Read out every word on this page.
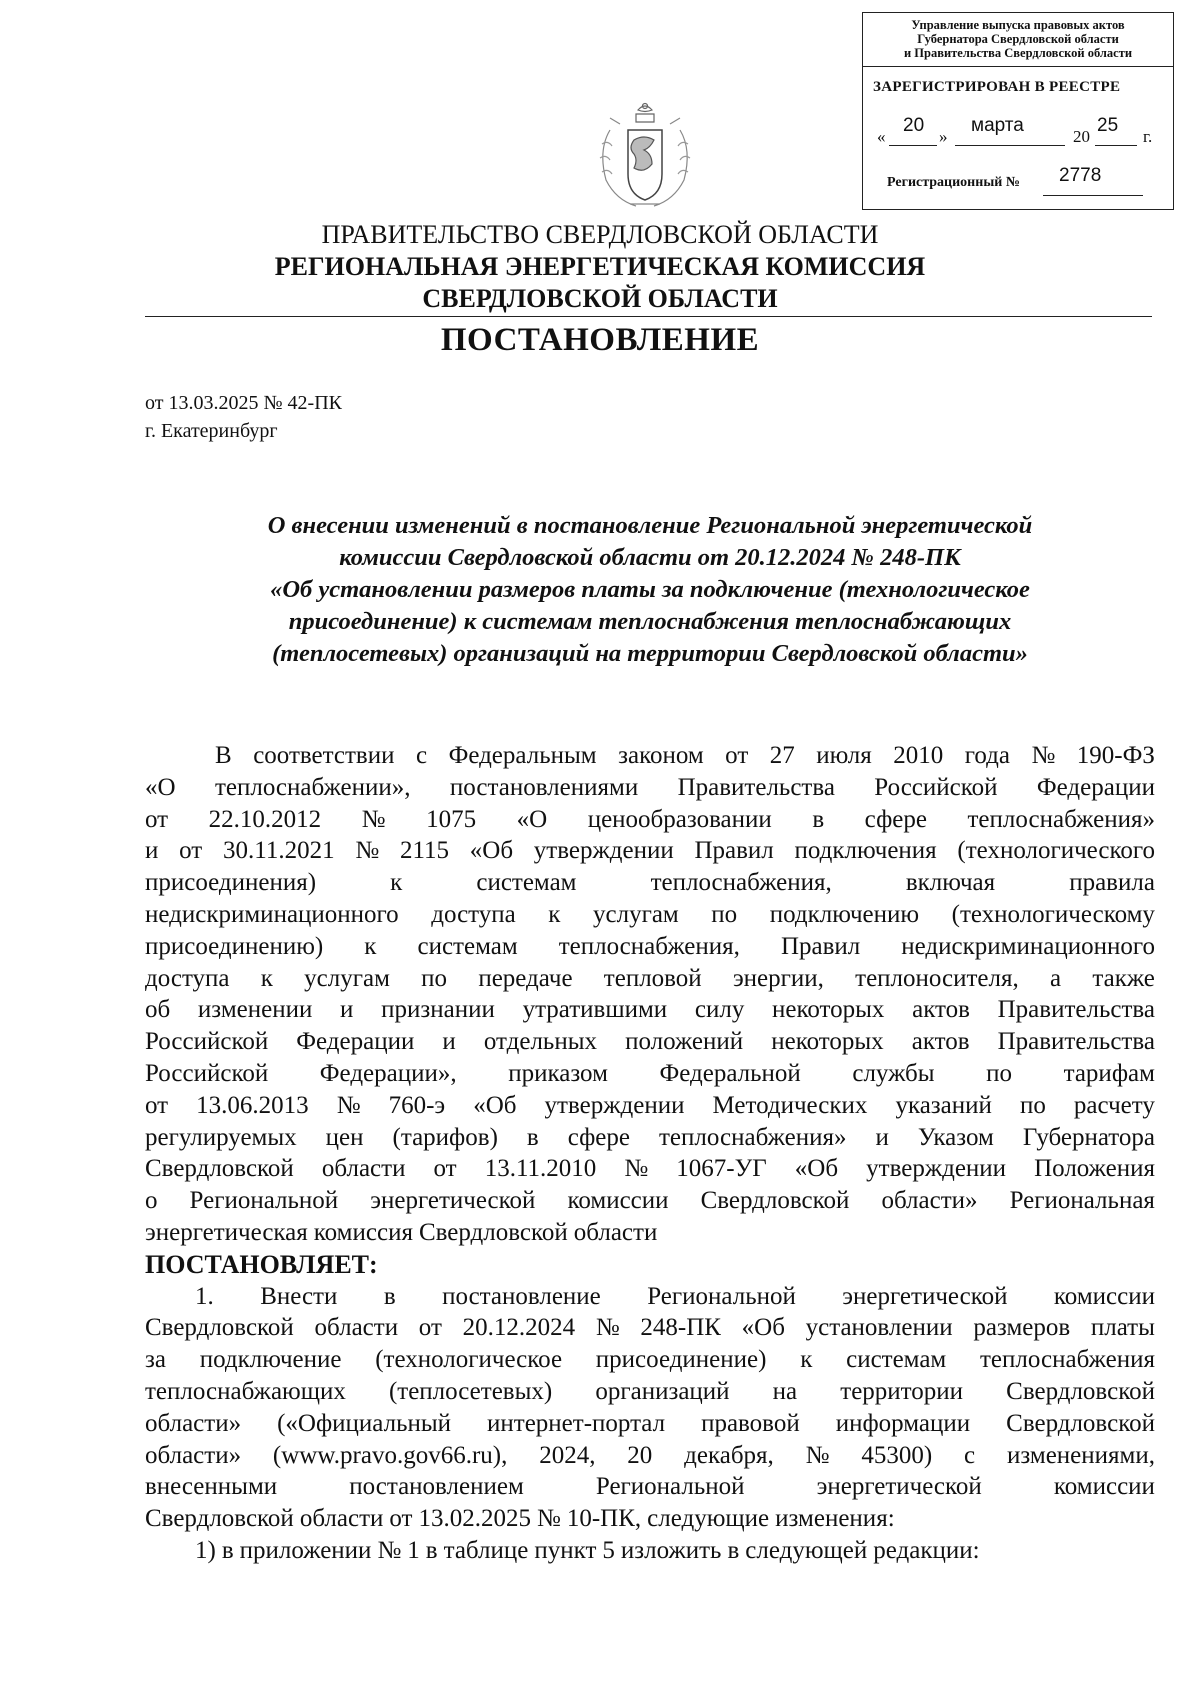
Управление выпуска правовых актов
Губернатора Свердловской области
и Правительства Свердловской области
ЗАРЕГИСТРИРОВАН В РЕЕСТРЕ
«
20
»
марта
20
25
г.
Регистрационный № 2778
ПРАВИТЕЛЬСТВО СВЕРДЛОВСКОЙ ОБЛАСТИ
РЕГИОНАЛЬНАЯ ЭНЕРГЕТИЧЕСКАЯ КОМИССИЯ
СВЕРДЛОВСКОЙ ОБЛАСТИ
ПОСТАНОВЛЕНИЕ
от 13.03.2025 № 42-ПК
г. Екатеринбург
О внесении изменений в постановление Региональной энергетической
комиссии Свердловской области от 20.12.2024 № 248-ПК
«Об установлении размеров платы за подключение (технологическое
присоединение) к системам теплоснабжения теплоснабжающих
(теплосетевых) организаций на территории Свердловской области»
В соответствии с Федеральным законом от 27 июля 2010 года № 190-ФЗ
«О теплоснабжении», постановлениями Правительства Российской Федерации
от 22.10.2012 № 1075 «О ценообразовании в сфере теплоснабжения»
и от 30.11.2021 № 2115 «Об утверждении Правил подключения (технологического
присоединения)	к	системам	теплоснабжения,	включая	правила
недискриминационного доступа к услугам по подключению (технологическому
присоединению) к системам теплоснабжения, Правил недискриминационного
доступа к услугам по передаче тепловой энергии, теплоносителя, а также
об изменении и признании утратившими силу некоторых актов Правительства
Российской Федерации и отдельных положений некоторых актов Правительства
Российской Федерации», приказом Федеральной службы по тарифам
от 13.06.2013 № 760-э «Об утверждении Методических указаний по расчету
регулируемых цен (тарифов) в сфере теплоснабжения» и Указом Губернатора
Свердловской области от 13.11.2010 № 1067-УГ «Об утверждении Положения
о Региональной энергетической комиссии Свердловской области» Региональная
энергетическая комиссия Свердловской области
ПОСТАНОВЛЯЕТ:
1. Внести в постановление Региональной энергетической комиссии
Свердловской области от 20.12.2024 № 248-ПК «Об установлении размеров платы
за подключение (технологическое присоединение) к системам теплоснабжения
теплоснабжающих (теплосетевых) организаций на территории Свердловской
области» («Официальный интернет-портал правовой информации Свердловской
области» (www.pravo.gov66.ru), 2024, 20 декабря, № 45300) с изменениями,
внесенными	постановлением	Региональной	энергетической	комиссии
Свердловской области от 13.02.2025 № 10-ПК, следующие изменения:
1) в приложении № 1 в таблице пункт 5 изложить в следующей редакции:
